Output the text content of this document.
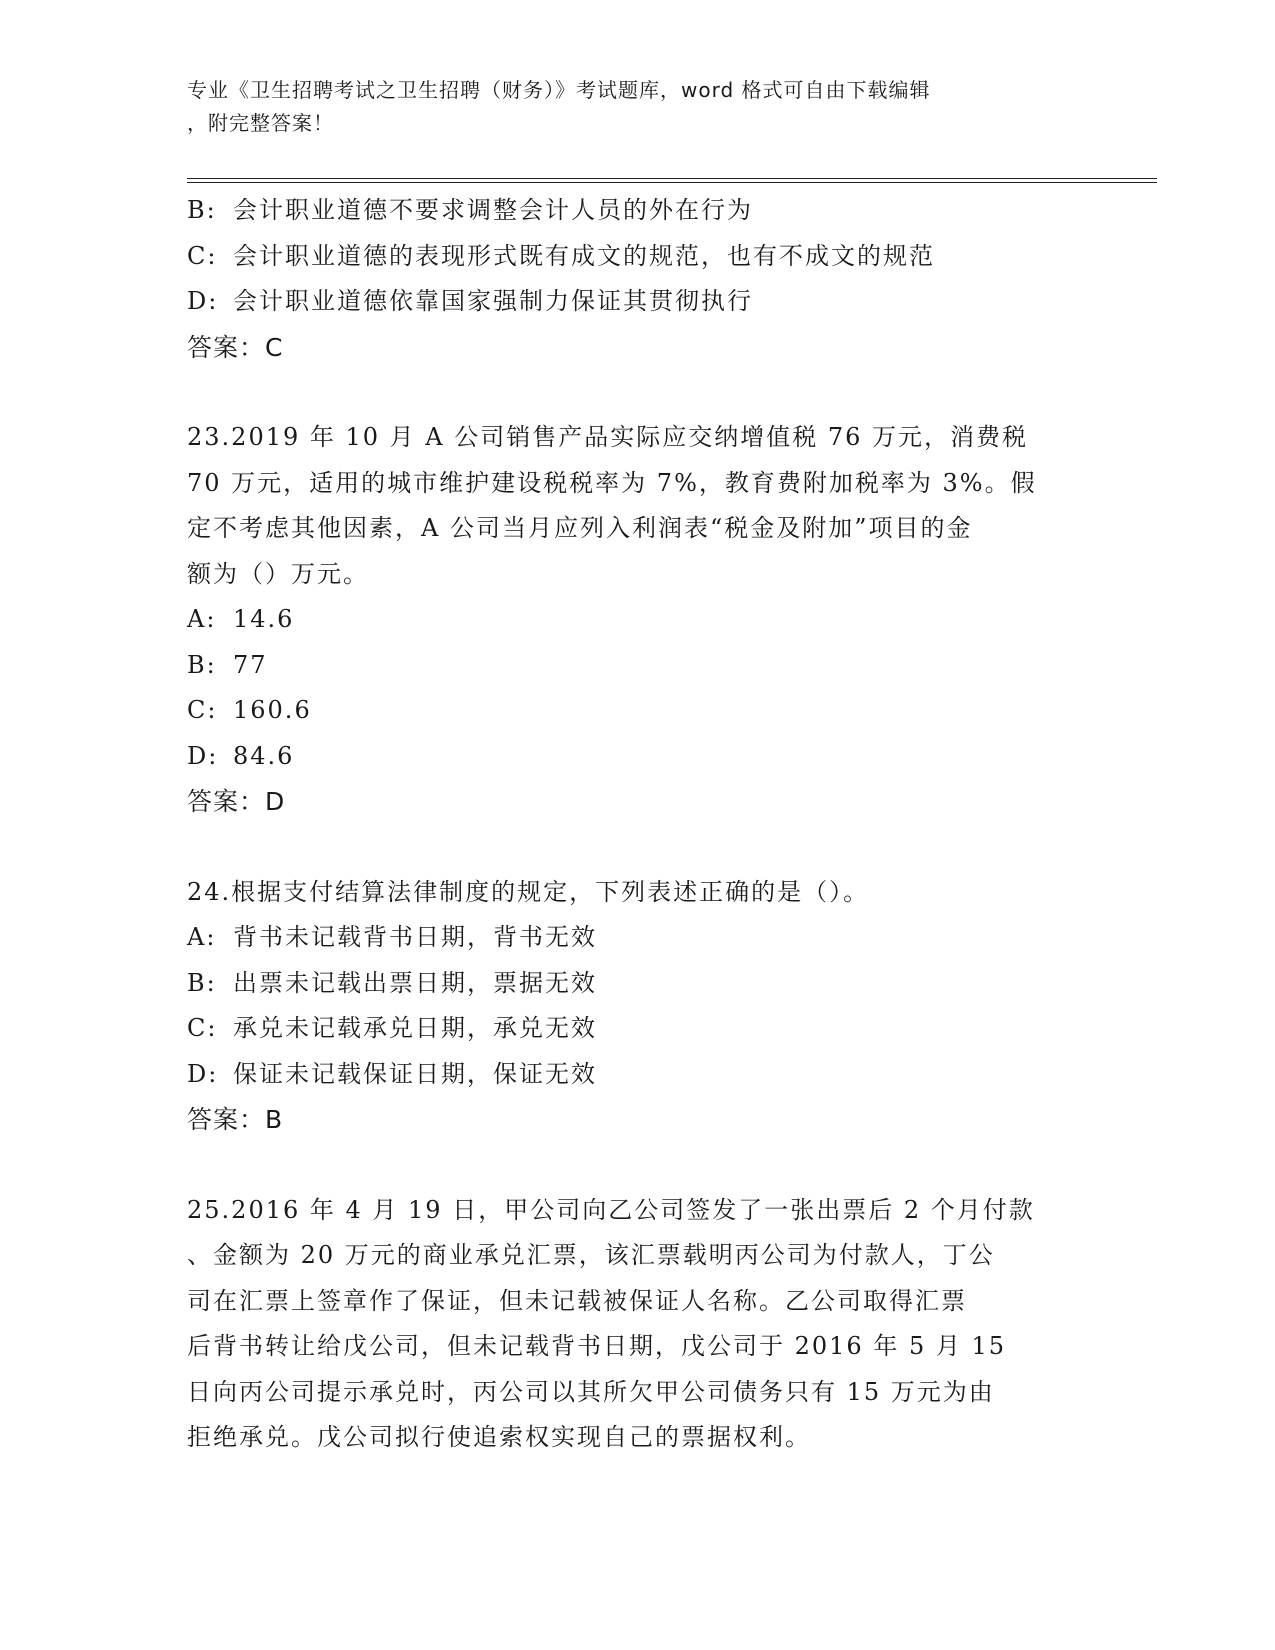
专业《卫生招聘考试之卫生招聘（财务）》考试题库，word 格式可自由下载编辑
，附完整答案！
B: 会计职业道德不要求调整会计人员的外在行为
C: 会计职业道德的表现形式既有成文的规范，也有不成文的规范
D: 会计职业道德依靠国家强制力保证其贯彻执行
答案：C
23.2019 年 10 月 A 公司销售产品实际应交纳增值税 76 万元，消费税
70 万元，适用的城市维护建设税税率为 7%，教育费附加税率为 3%。假
定不考虑其他因素，A 公司当月应列入利润表“税金及附加”项目的金
额为（）万元。
A: 14.6
B: 77
C: 160.6
D: 84.6
答案：D
24.根据支付结算法律制度的规定，下列表述正确的是（）。
A: 背书未记载背书日期，背书无效
B: 出票未记载出票日期，票据无效
C: 承兑未记载承兑日期，承兑无效
D: 保证未记载保证日期，保证无效
答案：B
25.2016 年 4 月 19 日，甲公司向乙公司签发了一张出票后 2 个月付款
、金额为 20 万元的商业承兑汇票，该汇票载明丙公司为付款人，丁公
司在汇票上签章作了保证，但未记载被保证人名称。乙公司取得汇票
后背书转让给戊公司，但未记载背书日期，戊公司于 2016 年 5 月 15
日向丙公司提示承兑时，丙公司以其所欠甲公司债务只有 15 万元为由
拒绝承兑。戊公司拟行使追索权实现自己的票据权利。
